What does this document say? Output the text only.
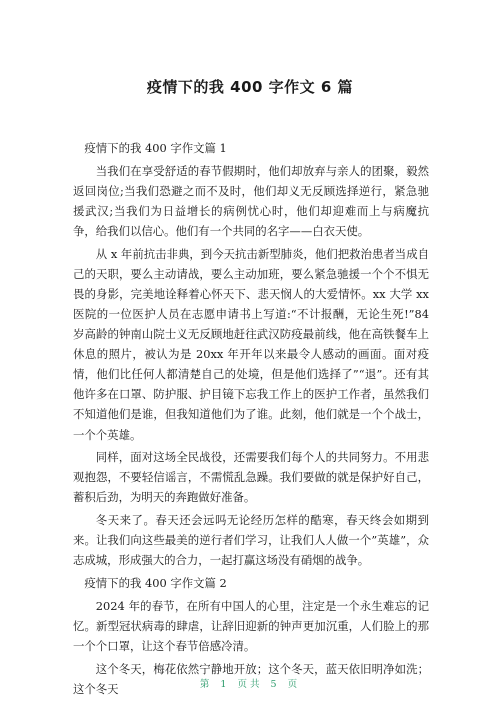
疫情下的我 400 字作文 6 篇

疫情下的我 400 字作文篇 1

当我们在享受舒适的春节假期时，他们却放弃与亲人的团聚，毅然返回岗位;当我们恐避之而不及时，他们却义无反顾选择逆行，紧急驰援武汉;当我们为日益增长的病例忧心时，他们却迎难而上与病魔抗争，给我们以信心。他们有一个共同的名字——白衣天使。

从 x 年前抗击非典，到今天抗击新型肺炎，他们把救治患者当成自己的天职，要么主动请战，要么主动加班，要么紧急驰援一个个不惧无畏的身影，完美地诠释着心怀天下、悲天悯人的大爱情怀。xx 大学 xx 医院的一位医护人员在志愿申请书上写道:“不计报酬，无论生死!”84 岁高龄的钟南山院士义无反顾地赶往武汉防疫最前线，他在高铁餐车上休息的照片，被认为是 20xx 年开年以来最令人感动的画面。面对疫情，他们比任何人都清楚自己的处境，但是他们选择了”“退”。还有其他许多在口罩、防护服、护目镜下忘我工作上的医护工作者，虽然我们不知道他们是谁，但我知道他们为了谁。此刻，他们就是一个个战士，一个个英雄。

同样，面对这场全民战役，还需要我们每个人的共同努力。不用悲观抱怨，不要轻信谣言，不需慌乱急躁。我们要做的就是保护好自己，蓄积后劲，为明天的奔跑做好准备。

冬天来了。春天还会远吗无论经历怎样的酷寒，春天终会如期到来。让我们向这些最美的逆行者们学习，让我们人人做一个”英雄”，众志成城，形成强大的合力，一起打赢这场没有硝烟的战争。

疫情下的我 400 字作文篇 2

2024 年的春节，在所有中国人的心里，注定是一个永生难忘的记忆。新型冠状病毒的肆虐，让辞旧迎新的钟声更加沉重，人们脸上的那一个个口罩，让这个春节倍感冷清。

这个冬天，梅花依然宁静地开放；这个冬天，蓝天依旧明净如洗；这个冬天	第 1 页共 5 页
